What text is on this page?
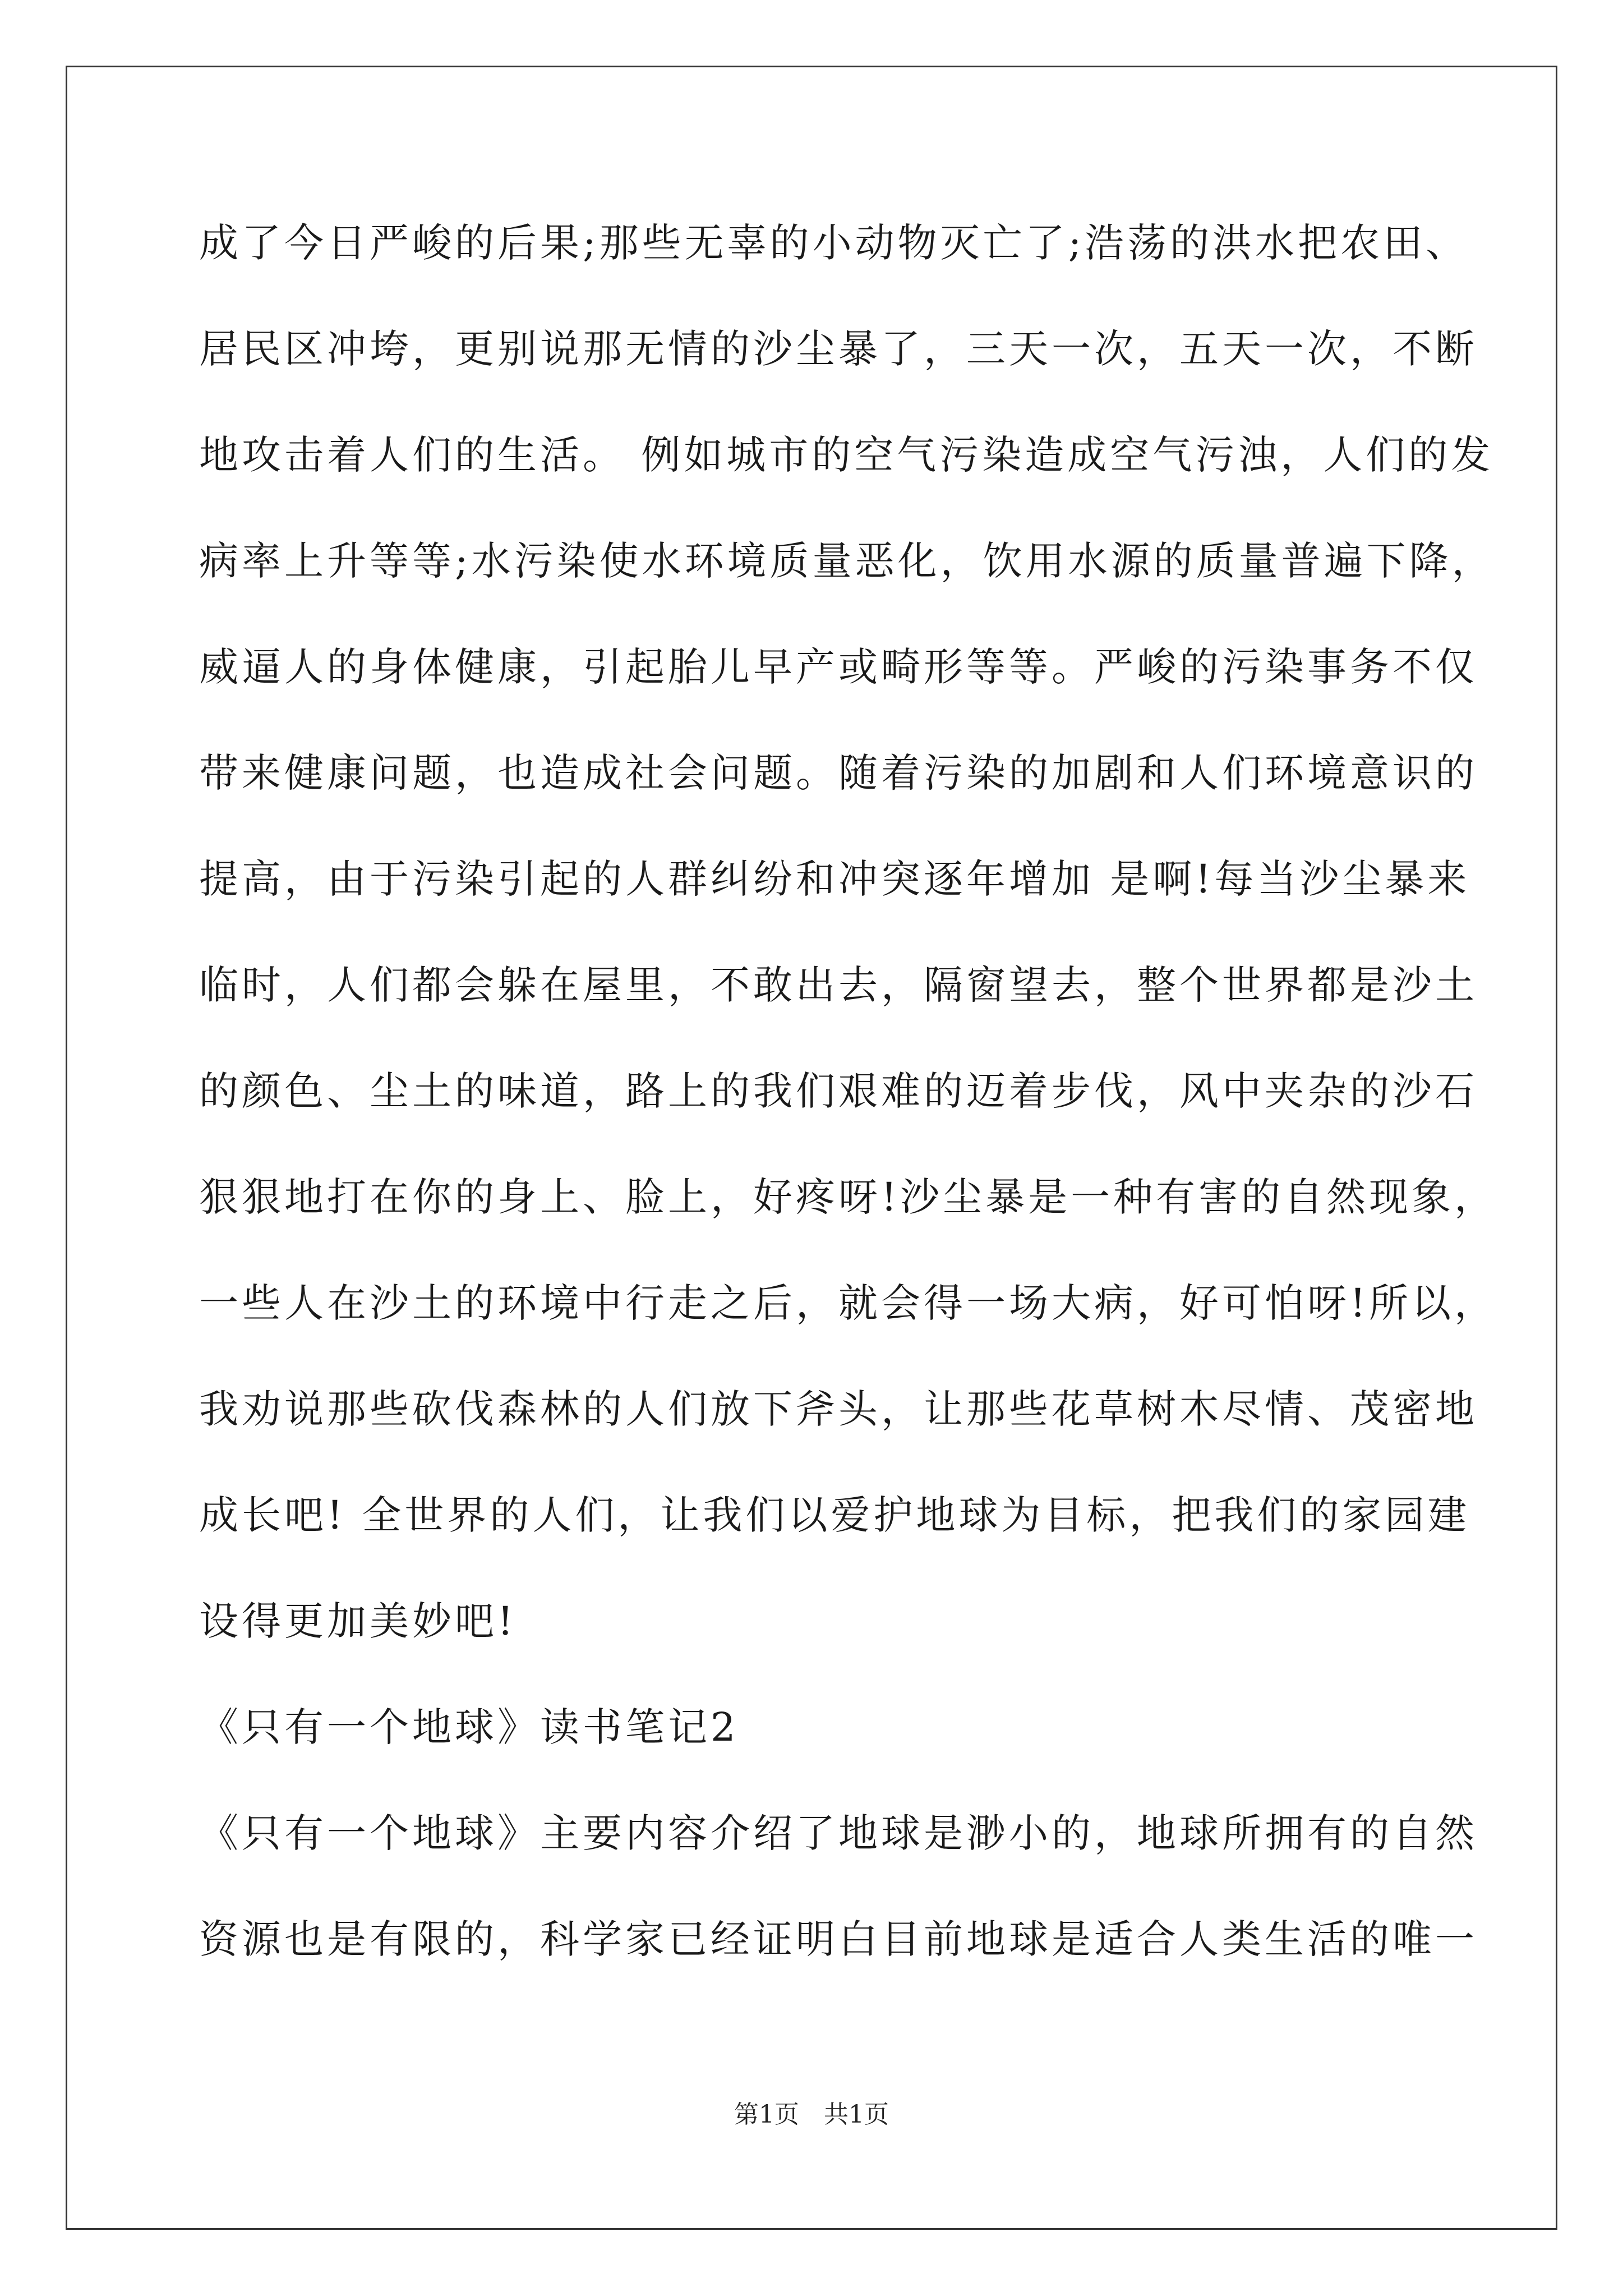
成了今日严峻的后果;那些无辜的小动物灭亡了;浩荡的洪水把农田、
居民区冲垮，更别说那无情的沙尘暴了，三天一次，五天一次，不断
地攻击着人们的生活。 例如城市的空气污染造成空气污浊，人们的发
病率上升等等;水污染使水环境质量恶化，饮用水源的质量普遍下降，
威逼人的身体健康，引起胎儿早产或畸形等等。严峻的污染事务不仅
带来健康问题，也造成社会问题。随着污染的加剧和人们环境意识的
提高，由于污染引起的人群纠纷和冲突逐年增加 是啊!每当沙尘暴来
临时，人们都会躲在屋里，不敢出去，隔窗望去，整个世界都是沙土
的颜色、尘土的味道，路上的我们艰难的迈着步伐，风中夹杂的沙石
狠狠地打在你的身上、脸上，好疼呀!沙尘暴是一种有害的自然现象，
一些人在沙土的环境中行走之后，就会得一场大病，好可怕呀!所以，
我劝说那些砍伐森林的人们放下斧头，让那些花草树木尽情、茂密地
成长吧! 全世界的人们，让我们以爱护地球为目标，把我们的家园建
设得更加美妙吧!
《只有一个地球》读书笔记2
《只有一个地球》主要内容介绍了地球是渺小的，地球所拥有的自然
资源也是有限的，科学家已经证明白目前地球是适合人类生活的唯一
第1页　共1页
